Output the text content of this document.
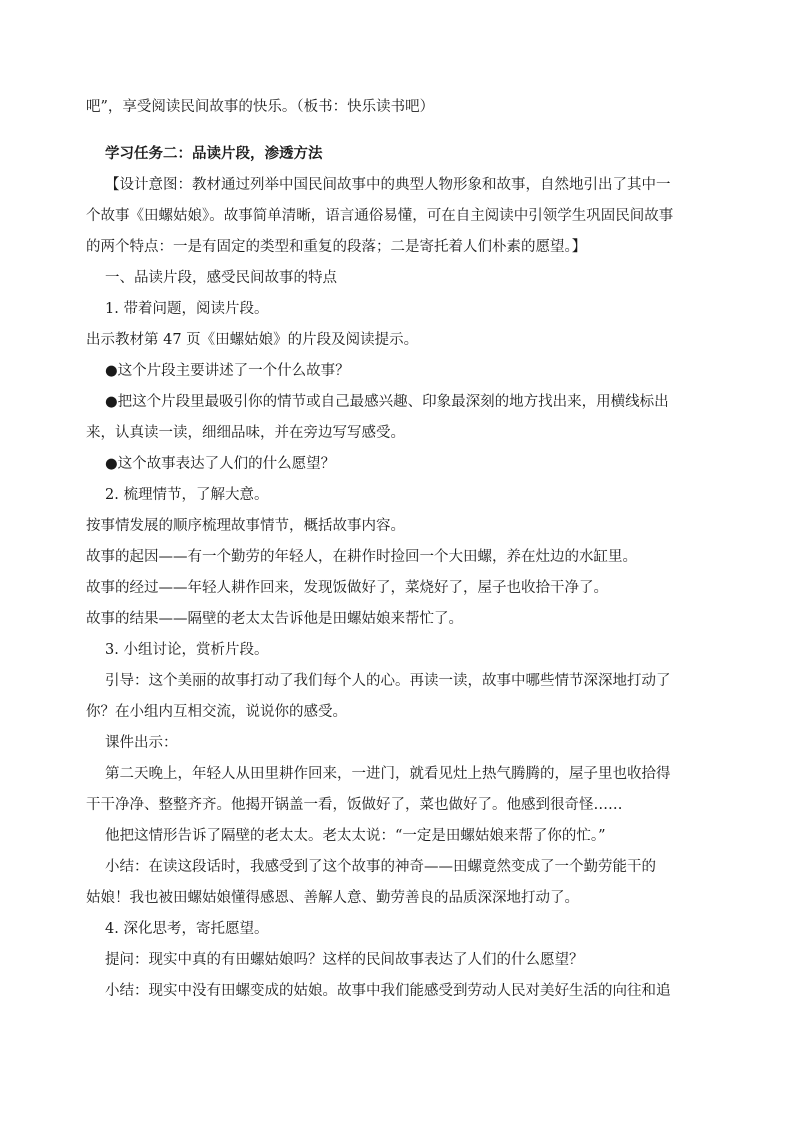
吧”，享受阅读民间故事的快乐。（板书：快乐读书吧）
学习任务二：品读片段，渗透方法
【设计意图：教材通过列举中国民间故事中的典型人物形象和故事，自然地引出了其中一
个故事《田螺姑娘》。故事简单清晰，语言通俗易懂，可在自主阅读中引领学生巩固民间故事
的两个特点：一是有固定的类型和重复的段落；二是寄托着人们朴素的愿望。】
一、品读片段，感受民间故事的特点
1. 带着问题，阅读片段。
出示教材第 47 页《田螺姑娘》的片段及阅读提示。
●这个片段主要讲述了一个什么故事？
●把这个片段里最吸引你的情节或自己最感兴趣、印象最深刻的地方找出来，用横线标出
来，认真读一读，细细品味，并在旁边写写感受。
●这个故事表达了人们的什么愿望？
2. 梳理情节，了解大意。
按事情发展的顺序梳理故事情节，概括故事内容。
故事的起因——有一个勤劳的年轻人，在耕作时捡回一个大田螺，养在灶边的水缸里。
故事的经过——年轻人耕作回来，发现饭做好了，菜烧好了，屋子也收拾干净了。
故事的结果——隔壁的老太太告诉他是田螺姑娘来帮忙了。
3. 小组讨论，赏析片段。
引导：这个美丽的故事打动了我们每个人的心。再读一读，故事中哪些情节深深地打动了
你？在小组内互相交流，说说你的感受。
课件出示：
第二天晚上，年轻人从田里耕作回来，一进门，就看见灶上热气腾腾的，屋子里也收拾得
干干净净、整整齐齐。他揭开锅盖一看，饭做好了，菜也做好了。他感到很奇怪……
他把这情形告诉了隔壁的老太太。老太太说：“一定是田螺姑娘来帮了你的忙。”
小结：在读这段话时，我感受到了这个故事的神奇——田螺竟然变成了一个勤劳能干的
姑娘！我也被田螺姑娘懂得感恩、善解人意、勤劳善良的品质深深地打动了。
4. 深化思考，寄托愿望。
提问：现实中真的有田螺姑娘吗？这样的民间故事表达了人们的什么愿望？
小结：现实中没有田螺变成的姑娘。故事中我们能感受到劳动人民对美好生活的向往和追
